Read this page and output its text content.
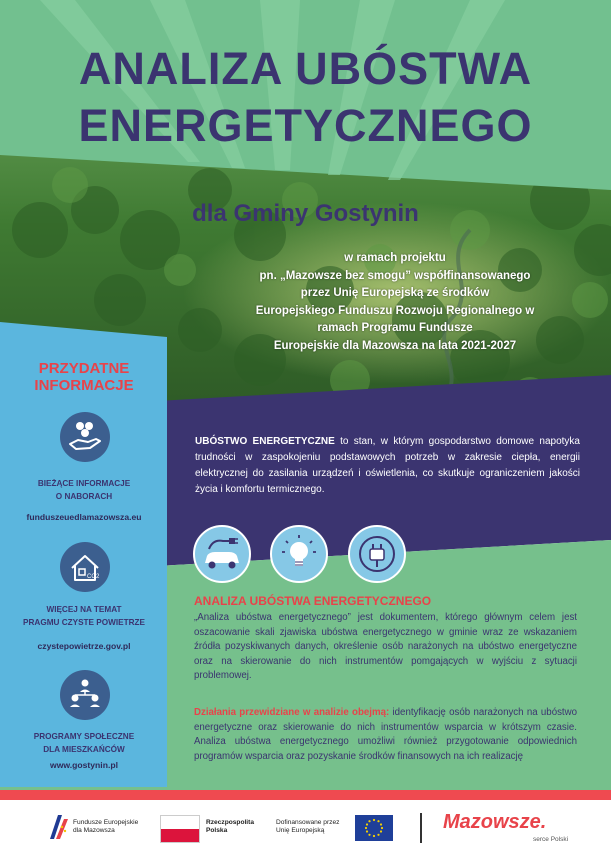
ANALIZA UBÓSTWA
ENERGETYCZNEGO
dla Gminy Gostynin
w ramach projektu
pn. „Mazowsze bez smogu” współfinansowanego
przez Unię Europejską ze środków
Europejskiego Funduszu Rozwoju Regionalnego w
ramach Programu Fundusze
Europejskie dla Mazowsza na lata 2021-2027
PRZYDATNE
INFORMACJE
BIEŻĄCE INFORMACJE
O NABORACH
funduszeuedlamazowsza.eu
CO2
WIĘCEJ NA TEMAT
PRAGMU CZYSTE POWIETRZE
czystepowietrze.gov.pl
PROGRAMY SPOŁECZNE
DLA MIESZKAŃCÓW
www.gostynin.pl
UBÓSTWO ENERGETYCZNE to stan, w którym gospodarstwo domowe napotyka trudności w zaspokojeniu podstawowych potrzeb w zakresie ciepła, energii elektrycznej do zasilania urządzeń i oświetlenia, co skutkuje ograniczeniem jakości życia i komfortu termicznego.
ANALIZA UBÓSTWA ENERGETYCZNEGO
„Analiza ubóstwa energetycznego” jest dokumentem, którego głównym celem jest oszacowanie skali zjawiska ubóstwa energetycznego w gminie wraz ze wskazaniem źródła pozyskiwanych danych, określenie osób narażonych na ubóstwo energetyczne oraz na skierowanie do nich instrumentów pomgających w wyjściu z sytuacji problemowej.
Działania przewidziane w analizie obejmą: identyfikację osób narażonych na ubóstwo energetyczne oraz skierowanie do nich instrumentów wsparcia w krótszym czasie. Analiza ubóstwa energetycznego umożliwi również przygotowanie odpowiednich programów wsparcia oraz pozyskanie środków finansowych na ich realizację
Fundusze Europejskie
dla Mazowsza
Rzeczpospolita
Polska
Dofinansowane przez
Unię Europejską	Mazowsze.
serce Polski
